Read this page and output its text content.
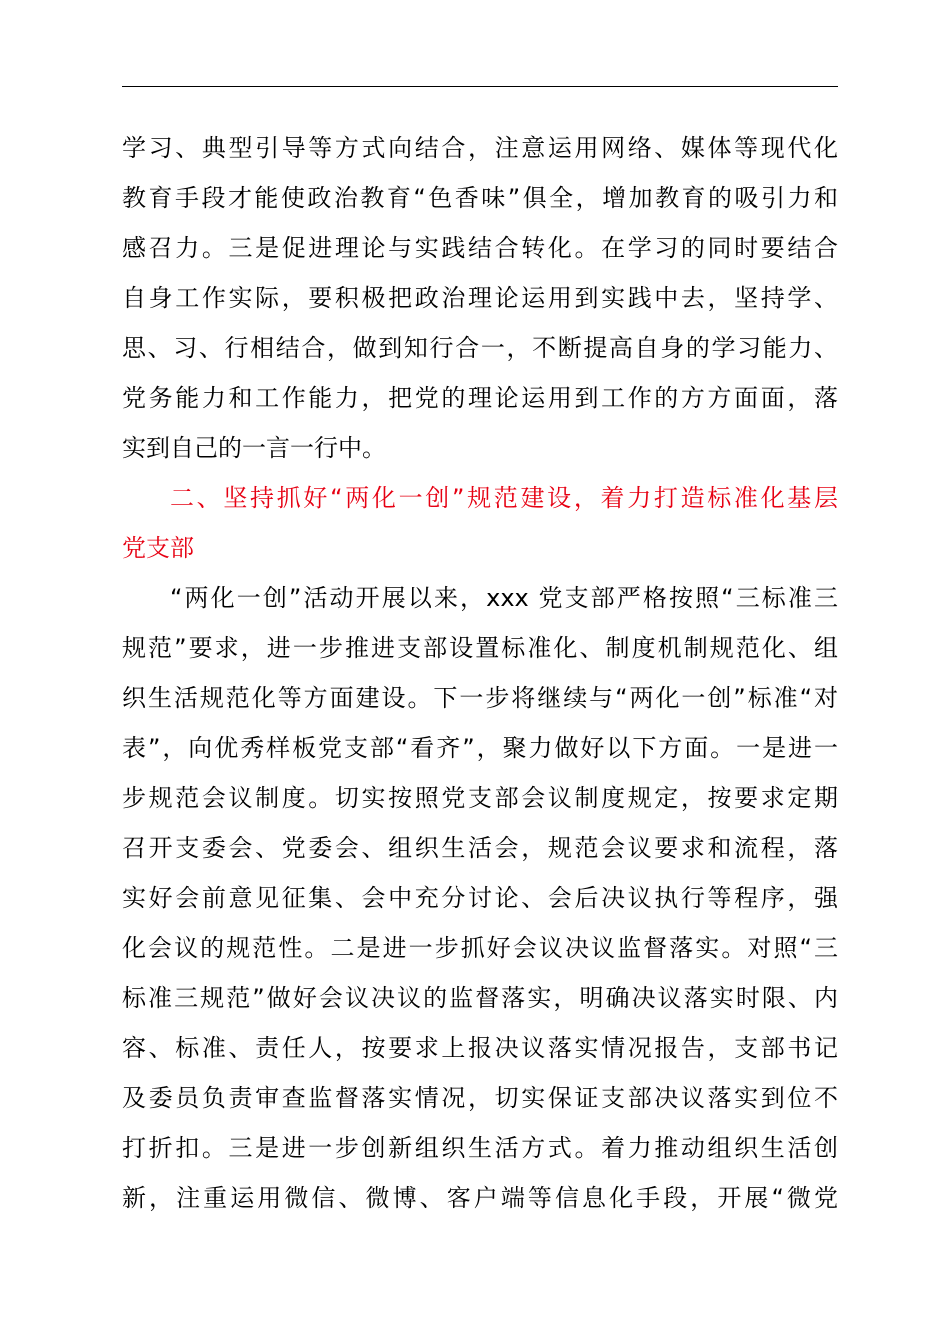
学习、典型引导等方式向结合，注意运用网络、媒体等现代化
教育手段才能使政治教育“色香味”俱全，增加教育的吸引力和
感召力。三是促进理论与实践结合转化。在学习的同时要结合
自身工作实际，要积极把政治理论运用到实践中去，坚持学、
思、习、行相结合，做到知行合一，不断提高自身的学习能力、
党务能力和工作能力，把党的理论运用到工作的方方面面，落
实到自己的一言一行中。
二、坚持抓好“两化一创”规范建设，着力打造标准化基层
党支部
“两化一创”活动开展以来，xxx 党支部严格按照“三标准三
规范”要求，进一步推进支部设置标准化、制度机制规范化、组
织生活规范化等方面建设。下一步将继续与“两化一创”标准“对
表”，向优秀样板党支部“看齐”，聚力做好以下方面。一是进一
步规范会议制度。切实按照党支部会议制度规定，按要求定期
召开支委会、党委会、组织生活会，规范会议要求和流程，落
实好会前意见征集、会中充分讨论、会后决议执行等程序，强
化会议的规范性。二是进一步抓好会议决议监督落实。对照“三
标准三规范”做好会议决议的监督落实，明确决议落实时限、内
容、标准、责任人，按要求上报决议落实情况报告，支部书记
及委员负责审查监督落实情况，切实保证支部决议落实到位不
打折扣。三是进一步创新组织生活方式。着力推动组织生活创
新，注重运用微信、微博、客户端等信息化手段，开展“微党
